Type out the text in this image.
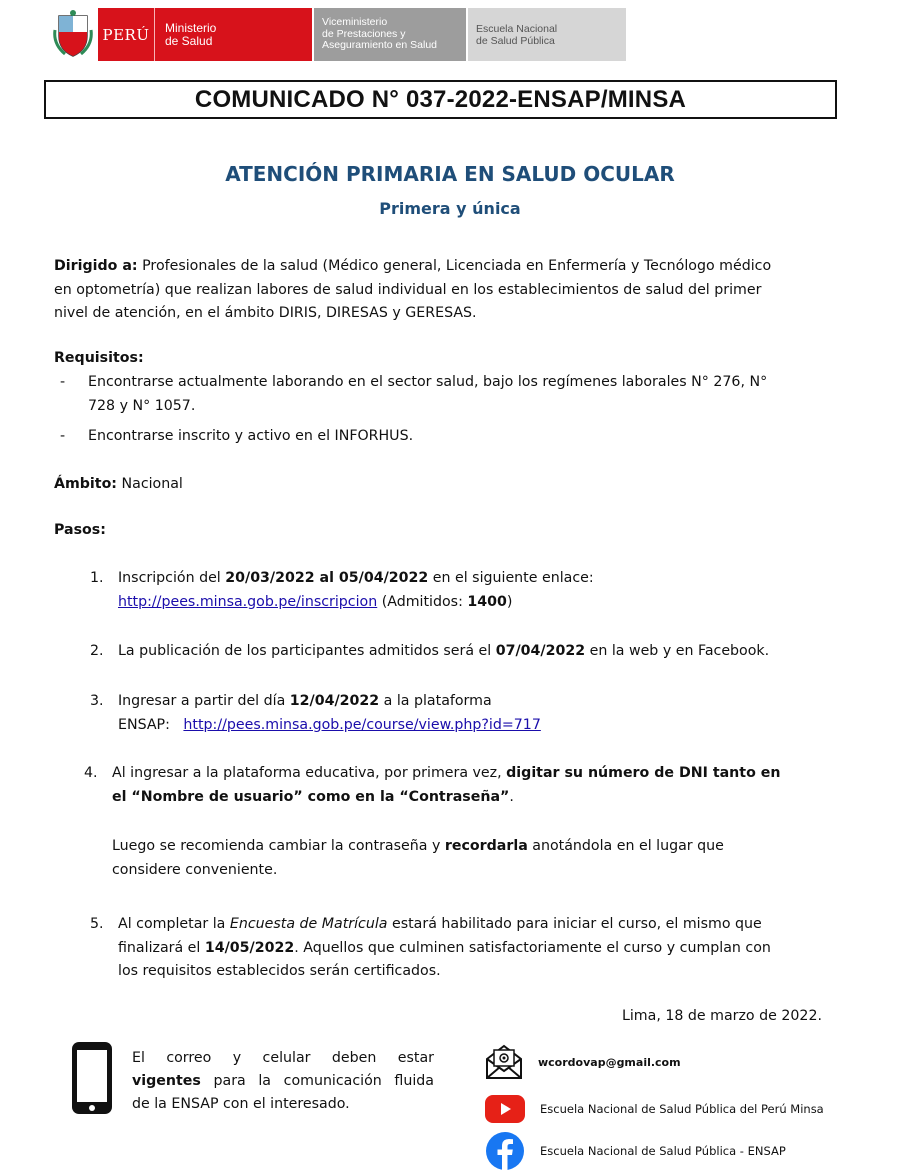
PERÚ	Ministerio
de Salud
Viceministerio
de Prestaciones y
Aseguramiento en Salud
Escuela Nacional
de Salud Pública
COMUNICADO N° 037-2022-ENSAP/MINSA
ATENCIÓN PRIMARIA EN SALUD OCULAR
Primera y única
Dirigido a: Profesionales de la salud (Médico general, Licenciada en Enfermería y Tecnólogo médico
en optometría) que realizan labores de salud individual en los establecimientos de salud del primer
nivel de atención, en el ámbito DIRIS, DIRESAS y GERESAS.
Requisitos:
- Encontrarse actualmente laborando en el sector salud, bajo los regímenes laborales N° 276, N°
728 y N° 1057.
- Encontrarse inscrito y activo en el INFORHUS.
Ámbito: Nacional
Pasos:
1. Inscripción del 20/03/2022 al 05/04/2022 en el siguiente enlace:
http://pees.minsa.gob.pe/inscripcion (Admitidos: 1400)
2. La publicación de los participantes admitidos será el 07/04/2022 en la web y en Facebook.
3. Ingresar a partir del día 12/04/2022 a la plataforma
ENSAP:   http://pees.minsa.gob.pe/course/view.php?id=717
4. Al ingresar a la plataforma educativa, por primera vez, digitar su número de DNI tanto en
el “Nombre de usuario” como en la “Contraseña”.
Luego se recomienda cambiar la contraseña y recordarla anotándola en el lugar que
considere conveniente.
5. Al completar la Encuesta de Matrícula estará habilitado para iniciar el curso, el mismo que
finalizará el 14/05/2022. Aquellos que culminen satisfactoriamente el curso y cumplan con
los requisitos establecidos serán certificados.
Lima, 18 de marzo de 2022.
El correo y celular deben estar
vigentes para la comunicación fluida
de la ENSAP con el interesado.
wcordovap@gmail.com
Escuela Nacional de Salud Pública del Perú Minsa
Escuela Nacional de Salud Pública - ENSAP
